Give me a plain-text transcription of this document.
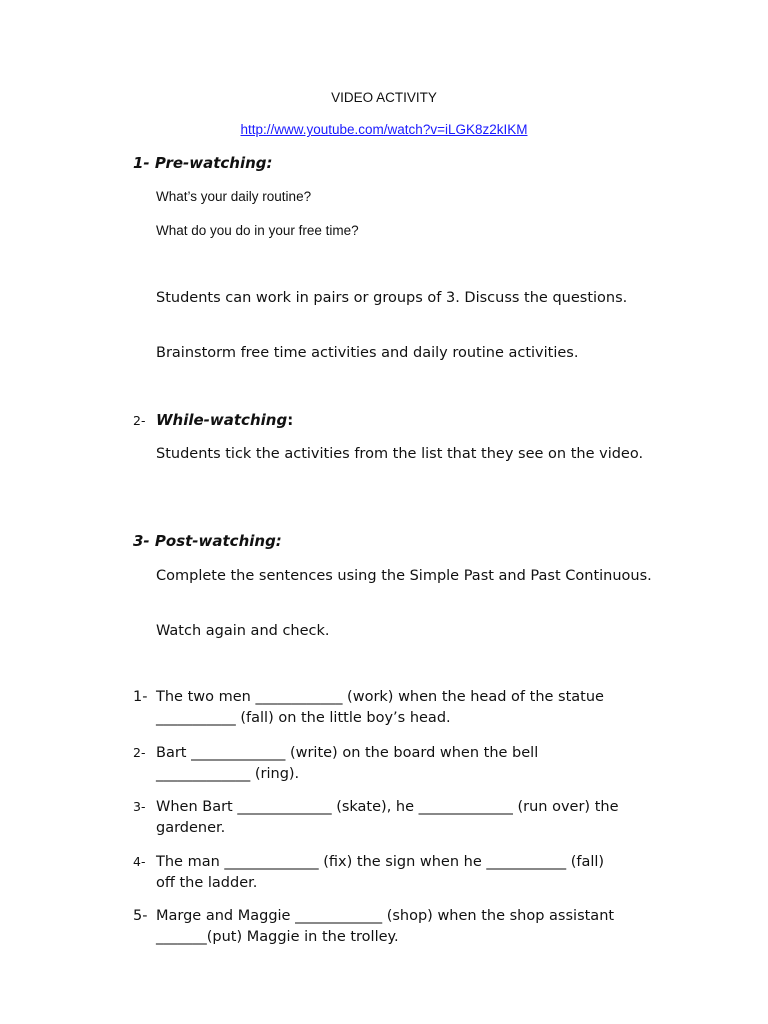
VIDEO ACTIVITY
http://www.youtube.com/watch?v=iLGK8z2kIKM
1- Pre-watching:
What’s your daily routine?
What do you do in your free time?
Students can work in pairs or groups of 3. Discuss the questions.
Brainstorm free time activities and daily routine activities.
2- While-watching:
Students tick the activities from the list that they see on the video.
3- Post-watching:
Complete the sentences using the Simple Past and Past Continuous.
Watch again and check.
1- The two men ____________ (work) when the head of the statue
___________ (fall) on the little boy’s head.
2- Bart _____________ (write) on the board when the bell
_____________ (ring).
3- When Bart _____________ (skate), he _____________ (run over) the
gardener.
4- The man _____________ (fix) the sign when he ___________ (fall)
off the ladder.
5- Marge and Maggie ____________ (shop) when the shop assistant
_______(put) Maggie in the trolley.
